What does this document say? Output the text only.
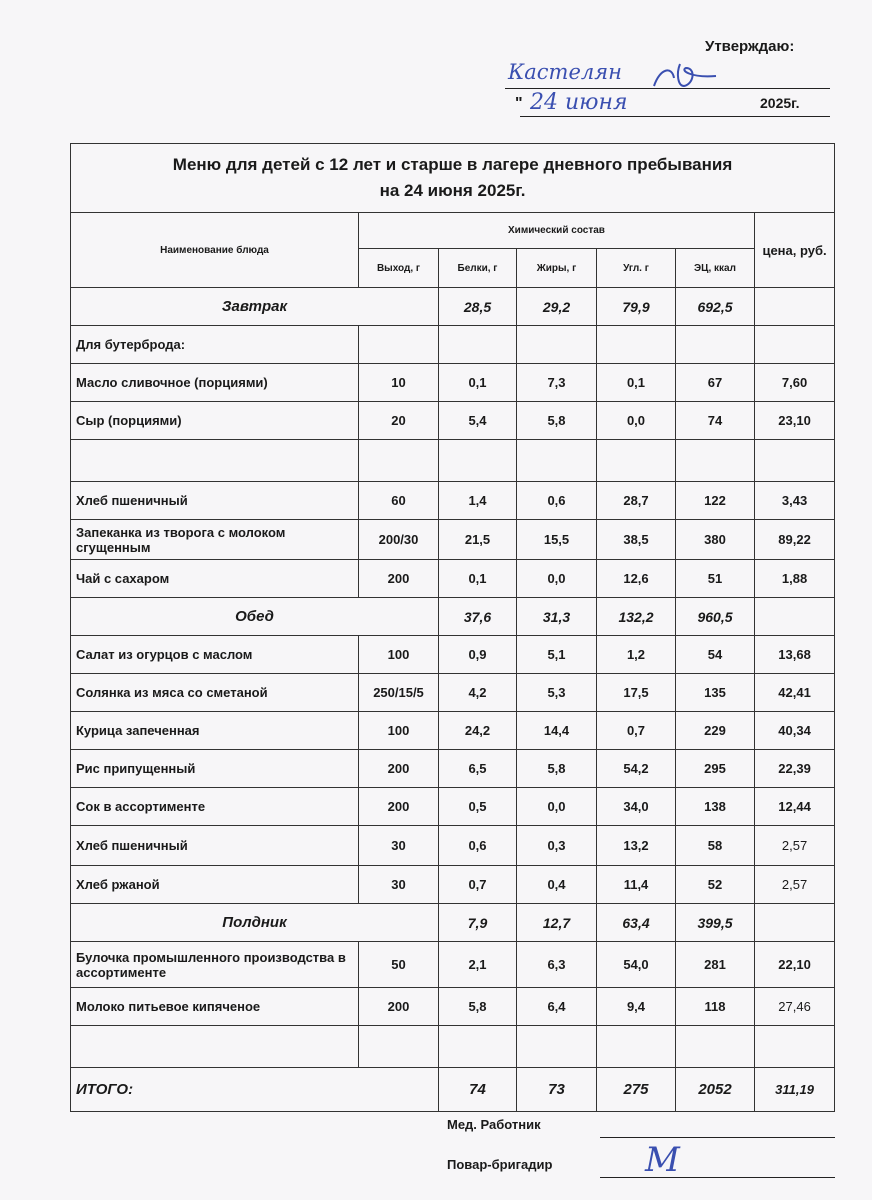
Утверждаю:
Кастелян
" 24 июня	2025г.
Меню для детей с 12 лет и старше в лагере дневного пребывания
на 24 июня 2025г.						

Наименование блюда	Химический состав					цена, руб.
	Выход, г	Белки, г	Жиры, г	Угл. г	ЭЦ, ккал	
Завтрак		28,5	29,2	79,9	692,5	
Для бутерброда:						
Масло сливочное (порциями)	10	0,1	7,3	0,1	67	7,60
Сыр (порциями)	20	5,4	5,8	0,0	74	23,10

Хлеб пшеничный	60	1,4	0,6	28,7	122	3,43
Запеканка из творога с молоком сгущенным	200/30	21,5	15,5	38,5	380	89,22
Чай с сахаром	200	0,1	0,0	12,6	51	1,88
Обед		37,6	31,3	132,2	960,5	
Салат из огурцов с маслом	100	0,9	5,1	1,2	54	13,68
Солянка из мяса со сметаной	250/15/5	4,2	5,3	17,5	135	42,41
Курица запеченная	100	24,2	14,4	0,7	229	40,34
Рис припущенный	200	6,5	5,8	54,2	295	22,39
Сок в ассортименте	200	0,5	0,0	34,0	138	12,44
Хлеб пшеничный	30	0,6	0,3	13,2	58	2,57
Хлеб ржаной	30	0,7	0,4	11,4	52	2,57
Полдник		7,9	12,7	63,4	399,5	
Булочка промышленного производства в ассортименте	50	2,1	6,3	54,0	281	22,10
Молоко питьевое кипяченое	200	5,8	6,4	9,4	118	27,46

ИТОГО:		74	73	275	2052	311,19
Мед. Работник
Повар-бригадир	М
